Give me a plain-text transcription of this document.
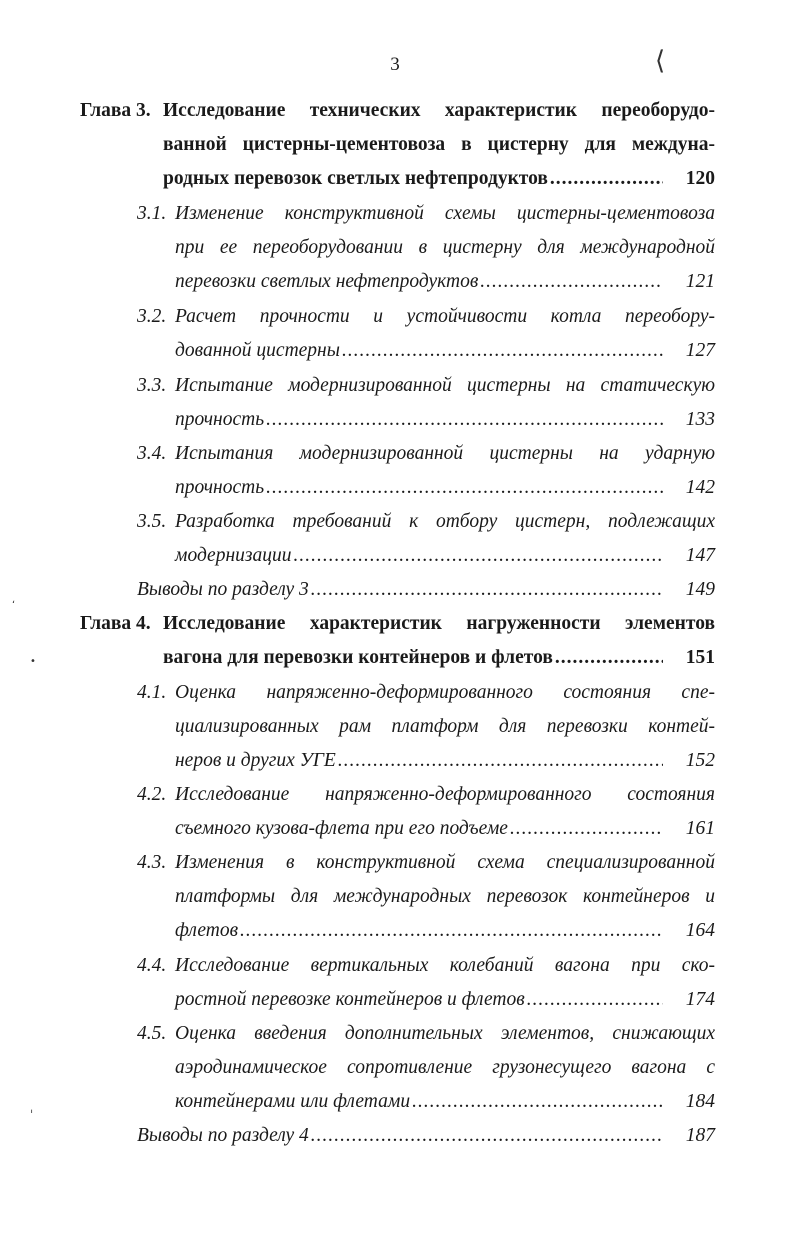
3	⟨
ʻ
•
ˌ
Глава 3. Исследование технических характеристик переоборудо-
ванной цистерны-цементовоза в цистерну для междуна-
родных перевозок светлых нефтепродуктов .....	120
3.1. Изменение конструктивной схемы цистерны-цементовоза
при ее переоборудовании в цистерну для международной
перевозки светлых нефтепродуктов .....	121
3.2. Расчет прочности и устойчивости котла переобору-
дованной цистерны .....	127
3.3. Испытание модернизированной цистерны на статическую
прочность .....	133
3.4. Испытания модернизированной цистерны на ударную
прочность .....	142
3.5. Разработка требований к отбору цистерн, подлежащих
модернизации .....	147
Выводы по разделу 3 .....	149
Глава 4. Исследование характеристик нагруженности элементов
вагона для перевозки контейнеров и флетов .....	151
4.1. Оценка напряженно-деформированного состояния спе-
циализированных рам платформ для перевозки контей-
неров и других УГЕ .....	152
4.2. Исследование напряженно-деформированного состояния
съемного кузова-флета при его подъеме .....	161
4.3. Изменения в конструктивной схема специализированной
платформы для международных перевозок контейнеров и
флетов .....	164
4.4. Исследование вертикальных колебаний вагона при ско-
ростной перевозке контейнеров и флетов .....	174
4.5. Оценка введения дополнительных элементов, снижающих
аэродинамическое сопротивление грузонесущего вагона с
контейнерами или флетами .....	184
Выводы по разделу 4 .....	187
